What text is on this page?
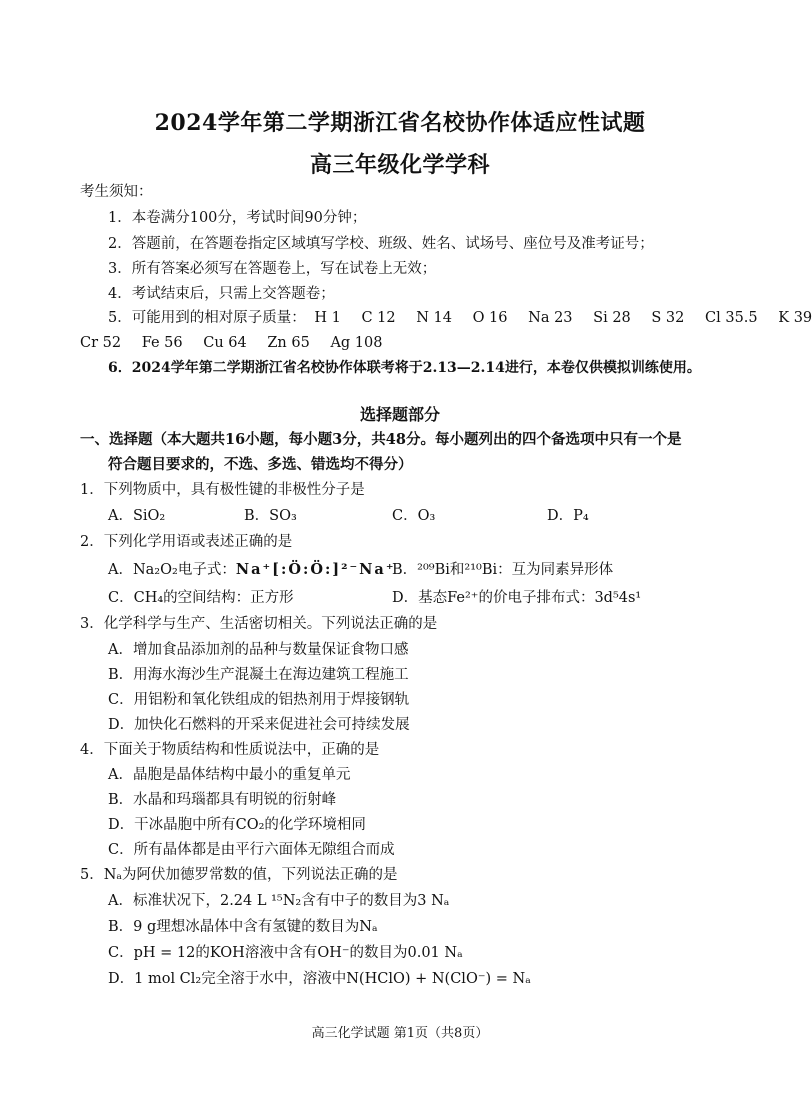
2024学年第二学期浙江省名校协作体适应性试题
高三年级化学学科
考生须知：
1．本卷满分100分，考试时间90分钟；
2．答题前，在答题卷指定区域填写学校、班级、姓名、试场号、座位号及准考证号；
3．所有答案必须写在答题卷上，写在试卷上无效；
4．考试结束后，只需上交答题卷；
5．可能用到的相对原子质量： H 1 C 12 N 14 O 16 Na 23 Si 28 S 32 Cl 35.5 K 39
Cr 52 Fe 56 Cu 64 Zn 65 Ag 108
6．2024学年第二学期浙江省名校协作体联考将于2.13—2.14进行，本卷仅供模拟训练使用。
选择题部分
一、选择题（本大题共16小题，每小题3分，共48分。每小题列出的四个备选项中只有一个是
符合题目要求的，不选、多选、错选均不得分）
1．下列物质中，具有极性键的非极性分子是
A．SiO₂	B．SO₃	C．O₃	D．P₄
2．下列化学用语或表述正确的是
A．Na₂O₂电子式：Na⁺[:Ö:Ö:]²⁻Na⁺
B．²⁰⁹Bi和²¹⁰Bi：互为同素异形体
C．CH₄的空间结构：正方形	D．基态Fe²⁺的价电子排布式：3d⁵4s¹
3．化学科学与生产、生活密切相关。下列说法正确的是
A．增加食品添加剂的品种与数量保证食物口感
B．用海水海沙生产混凝土在海边建筑工程施工
C．用铝粉和氧化铁组成的铝热剂用于焊接钢轨
D．加快化石燃料的开采来促进社会可持续发展
4．下面关于物质结构和性质说法中，正确的是
A．晶胞是晶体结构中最小的重复单元
B．水晶和玛瑙都具有明锐的衍射峰
D．干冰晶胞中所有CO₂的化学环境相同
C．所有晶体都是由平行六面体无隙组合而成
5．Nₐ为阿伏加德罗常数的值，下列说法正确的是
A．标准状况下，2.24 L ¹⁵N₂含有中子的数目为3 Nₐ
B．9 g理想冰晶体中含有氢键的数目为Nₐ
C．pH = 12的KOH溶液中含有OH⁻的数目为0.01 Nₐ
D．1 mol Cl₂完全溶于水中，溶液中N(HClO) + N(ClO⁻) = Nₐ
高三化学试题 第1页（共8页）
